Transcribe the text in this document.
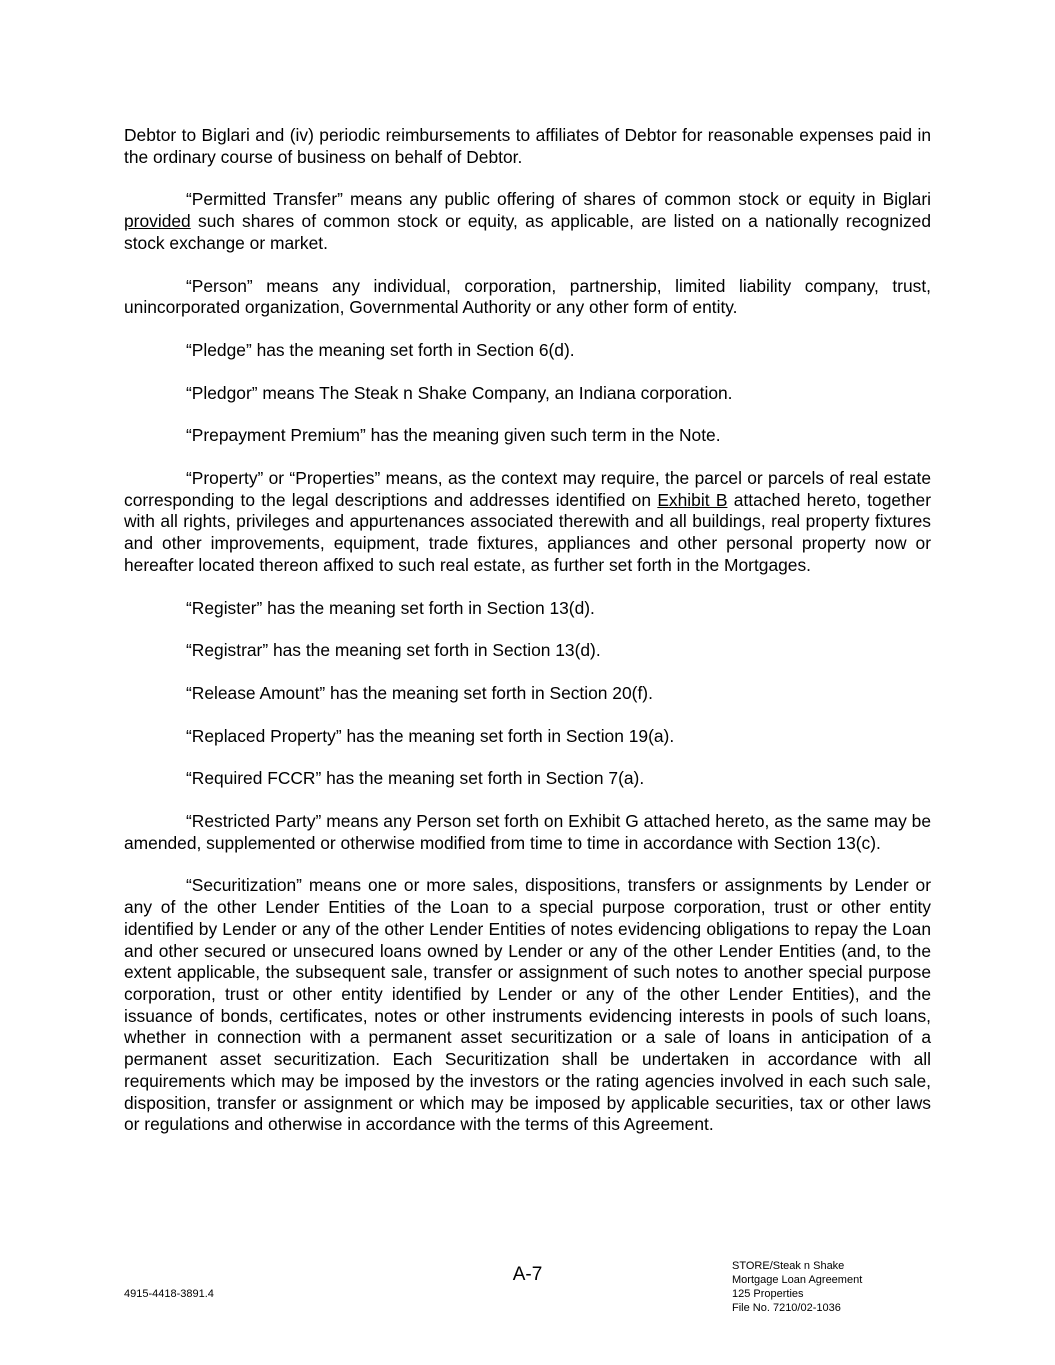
Debtor to Biglari and (iv) periodic reimbursements to affiliates of Debtor for reasonable expenses paid in the ordinary course of business on behalf of Debtor.

“Permitted Transfer” means any public offering of shares of common stock or equity in Biglari provided such shares of common stock or equity, as applicable, are listed on a nationally recognized stock exchange or market.

“Person” means any individual, corporation, partnership, limited liability company, trust, unincorporated organization, Governmental Authority or any other form of entity.

“Pledge” has the meaning set forth in Section 6(d).

“Pledgor” means The Steak n Shake Company, an Indiana corporation.

“Prepayment Premium” has the meaning given such term in the Note.

“Property” or “Properties” means, as the context may require, the parcel or parcels of real estate corresponding to the legal descriptions and addresses identified on Exhibit B attached hereto, together with all rights, privileges and appurtenances associated therewith and all buildings, real property fixtures and other improvements, equipment, trade fixtures, appliances and other personal property now or hereafter located thereon affixed to such real estate, as further set forth in the Mortgages.

“Register” has the meaning set forth in Section 13(d).

“Registrar” has the meaning set forth in Section 13(d).

“Release Amount” has the meaning set forth in Section 20(f).

“Replaced Property” has the meaning set forth in Section 19(a).

“Required FCCR” has the meaning set forth in Section 7(a).

“Restricted Party” means any Person set forth on Exhibit G attached hereto, as the same may be amended, supplemented or otherwise modified from time to time in accordance with Section 13(c).

“Securitization” means one or more sales, dispositions, transfers or assignments by Lender or any of the other Lender Entities of the Loan to a special purpose corporation, trust or other entity identified by Lender or any of the other Lender Entities of notes evidencing obligations to repay the Loan and other secured or unsecured loans owned by Lender or any of the other Lender Entities (and, to the extent applicable, the subsequent sale, transfer or assignment of such notes to another special purpose corporation, trust or other entity identified by Lender or any of the other Lender Entities), and the issuance of bonds, certificates, notes or other instruments evidencing interests in pools of such loans, whether in connection with a permanent asset securitization or a sale of loans in anticipation of a permanent asset securitization. Each Securitization shall be undertaken in accordance with all requirements which may be imposed by the investors or the rating agencies involved in each such sale, disposition, transfer or assignment or which may be imposed by applicable securities, tax or other laws or regulations and otherwise in accordance with the terms of this Agreement.

A-7
4915-4418-3891.4
STORE/Steak n Shake
Mortgage Loan Agreement
125 Properties
File No. 7210/02-1036
